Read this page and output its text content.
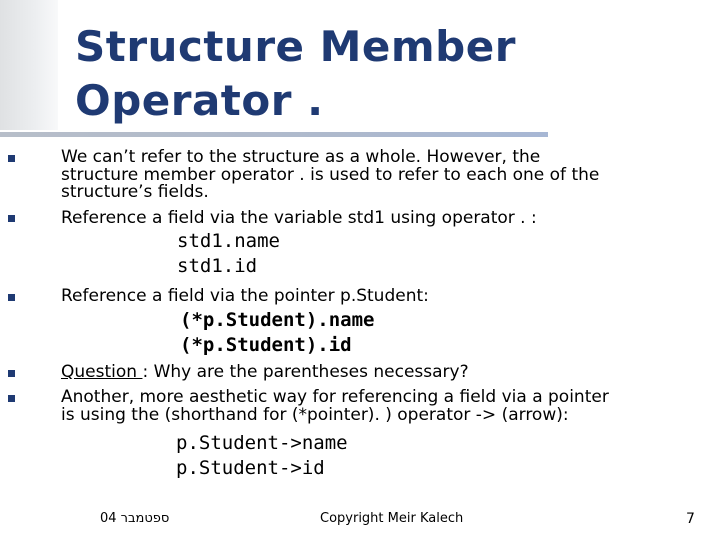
Structure Member
Operator .
We can’t refer to the structure as a whole. However, the
structure member operator . is used to refer to each one of the
structure’s fields.
Reference a field via the variable std1 using operator . :
std1.name
std1.id
Reference a field via the pointer p.Student:
(*p.Student).name
(*p.Student).id
Question : Why are the parentheses necessary?
Another, more aesthetic way for referencing a field via a pointer
is using the (shorthand for (*pointer). ) operator -> (arrow):
p.Student->name
p.Student->id
ספטמבר 04	Copyright Meir Kalech	7
